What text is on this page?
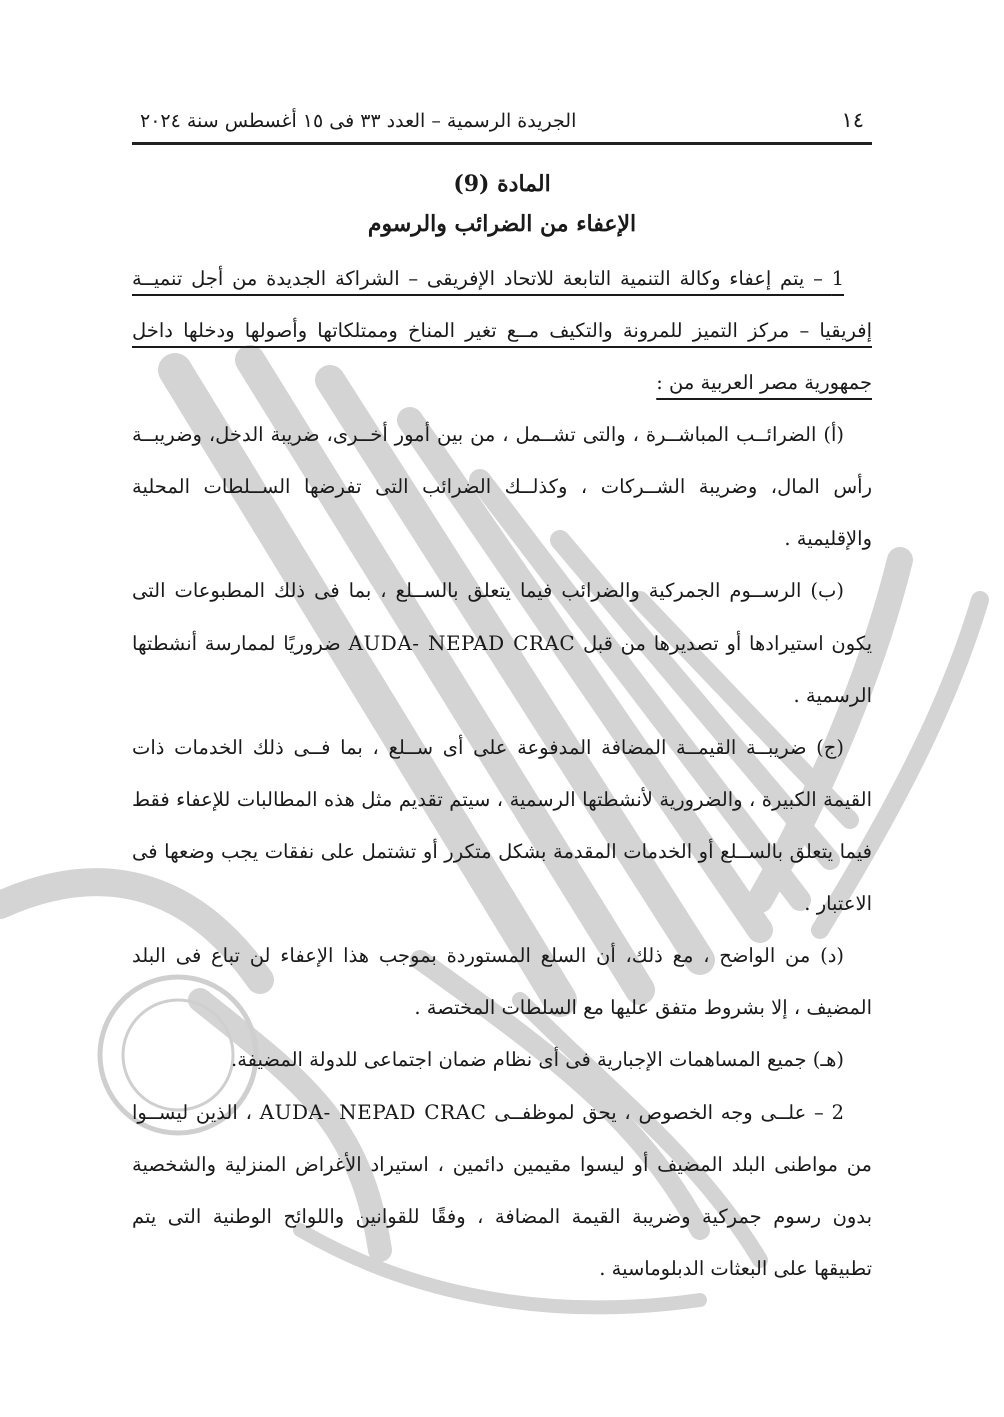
١٤
الجريدة الرسمية – العدد ٣٣ فى ١٥ أغسطس سنة ٢٠٢٤
المادة (9)
الإعفاء من الضرائب والرسوم

1 – يتم إعفاء وكالة التنمية التابعة للاتحاد الإفريقى – الشراكة الجديدة من أجل تنميــة إفريقيا – مركز التميز للمرونة والتكيف مــع تغير المناخ وممتلكاتها وأصولها ودخلها داخل جمهورية مصر العربية من :

(أ) الضرائــب المباشــرة ، والتى تشــمل ، من بين أمور أخــرى، ضريبة الدخل، وضريبــة رأس المال، وضريبة الشــركات ، وكذلــك الضرائب التى تفرضها الســلطات المحلية والإقليمية .

(ب) الرســوم الجمركية والضرائب فيما يتعلق بالســلع ، بما فى ذلك المطبوعات التى يكون استيرادها أو تصديرها من قبل AUDA- NEPAD CRAC ضروريًا لممارسة أنشطتها الرسمية .

(ج) ضريبــة القيمــة المضافة المدفوعة على أى ســلع ، بما فــى ذلك الخدمات ذات القيمة الكبيرة ، والضرورية لأنشطتها الرسمية ، سيتم تقديم مثل هذه المطالبات للإعفاء فقط فيما يتعلق بالســلع أو الخدمات المقدمة بشكل متكرر أو تشتمل على نفقات يجب وضعها فى الاعتبار .

(د) من الواضح ، مع ذلك، أن السلع المستوردة بموجب هذا الإعفاء لن تباع فى البلد المضيف ، إلا بشروط متفق عليها مع السلطات المختصة .

(هـ) جميع المساهمات الإجبارية فى أى نظام ضمان اجتماعى للدولة المضيفة.

2 – علــى وجه الخصوص ، يحق لموظفــى AUDA- NEPAD CRAC ، الذين ليســوا من مواطنى البلد المضيف أو ليسوا مقيمين دائمين ، استيراد الأغراض المنزلية والشخصية بدون رسوم جمركية وضريبة القيمة المضافة ، وفقًا للقوانين واللوائح الوطنية التى يتم تطبيقها على البعثات الدبلوماسية .
